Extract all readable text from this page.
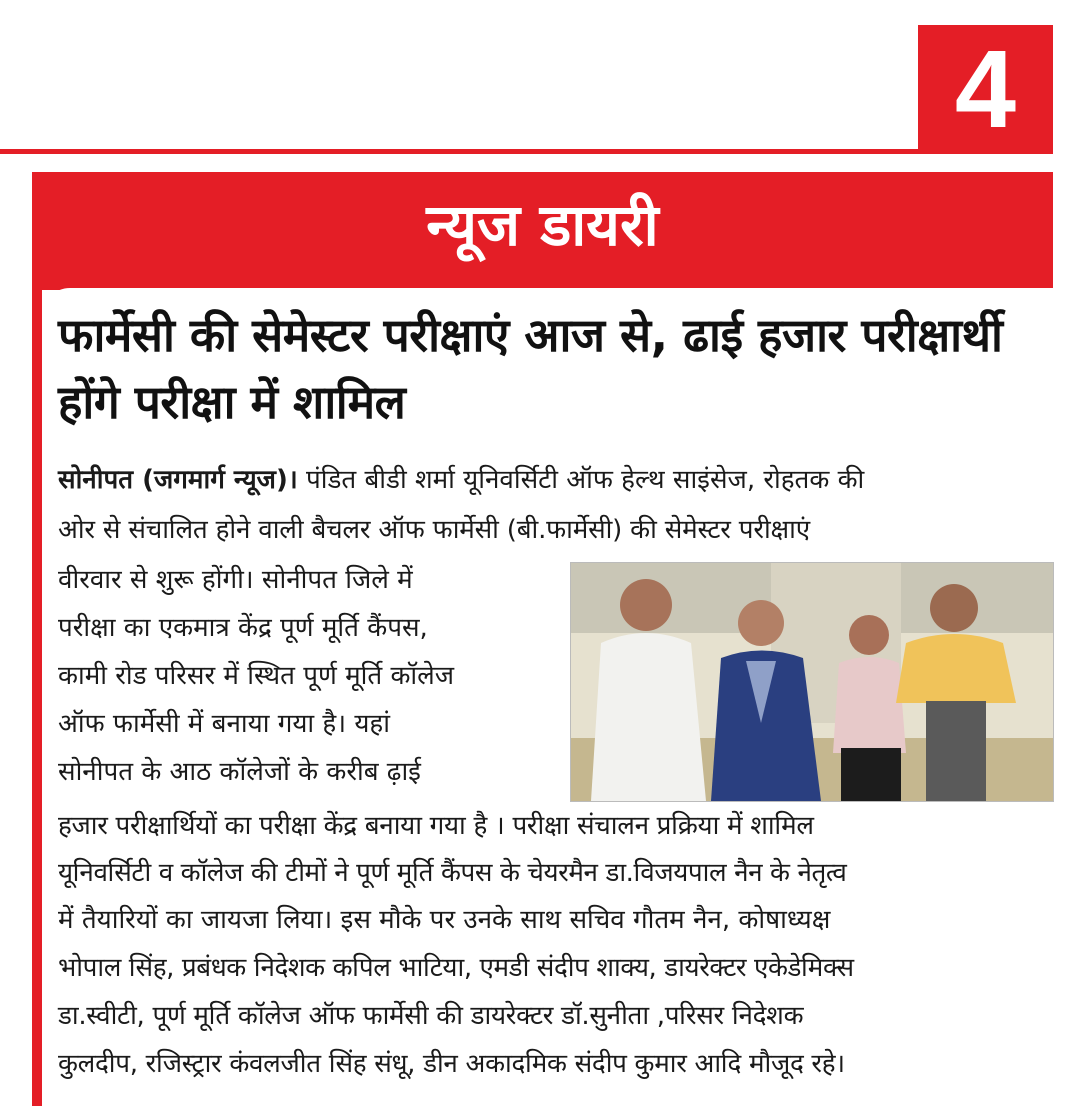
4
न्यूज डायरी
फार्मेसी की सेमेस्टर परीक्षाएं आज से, ढाई हजार परीक्षार्थी होंगे परीक्षा में शामिल
सोनीपत (जगमार्ग न्यूज)। पंडित बीडी शर्मा यूनिवर्सिटी ऑफ हेल्थ साइंसेज, रोहतक की
ओर से संचालित होने वाली बैचलर ऑफ फार्मेसी (बी.फार्मेसी) की सेमेस्टर परीक्षाएं
वीरवार से शुरू होंगी। सोनीपत जिले में
परीक्षा का एकमात्र केंद्र पूर्ण मूर्ति कैंपस,
कामी रोड परिसर में स्थित पूर्ण मूर्ति कॉलेज
ऑफ फार्मेसी में बनाया गया है। यहां
सोनीपत के आठ कॉलेजों के करीब ढ़ाई
हजार परीक्षार्थियों का परीक्षा केंद्र बनाया गया है । परीक्षा संचालन प्रक्रिया में शामिल
यूनिवर्सिटी व कॉलेज की टीमों ने पूर्ण मूर्ति कैंपस के चेयरमैन डा.विजयपाल नैन के नेतृत्व
में तैयारियों का जायजा लिया। इस मौके पर उनके साथ सचिव गौतम नैन, कोषाध्यक्ष
भोपाल सिंह, प्रबंधक निदेशक कपिल भाटिया, एमडी संदीप शाक्य, डायरेक्टर एकेडेमिक्स
डा.स्वीटी, पूर्ण मूर्ति कॉलेज ऑफ फार्मेसी की डायरेक्टर डॉ.सुनीता ,परिसर निदेशक
कुलदीप, रजिस्ट्रार कंवलजीत सिंह संधू, डीन अकादमिक संदीप कुमार आदि मौजूद रहे।
